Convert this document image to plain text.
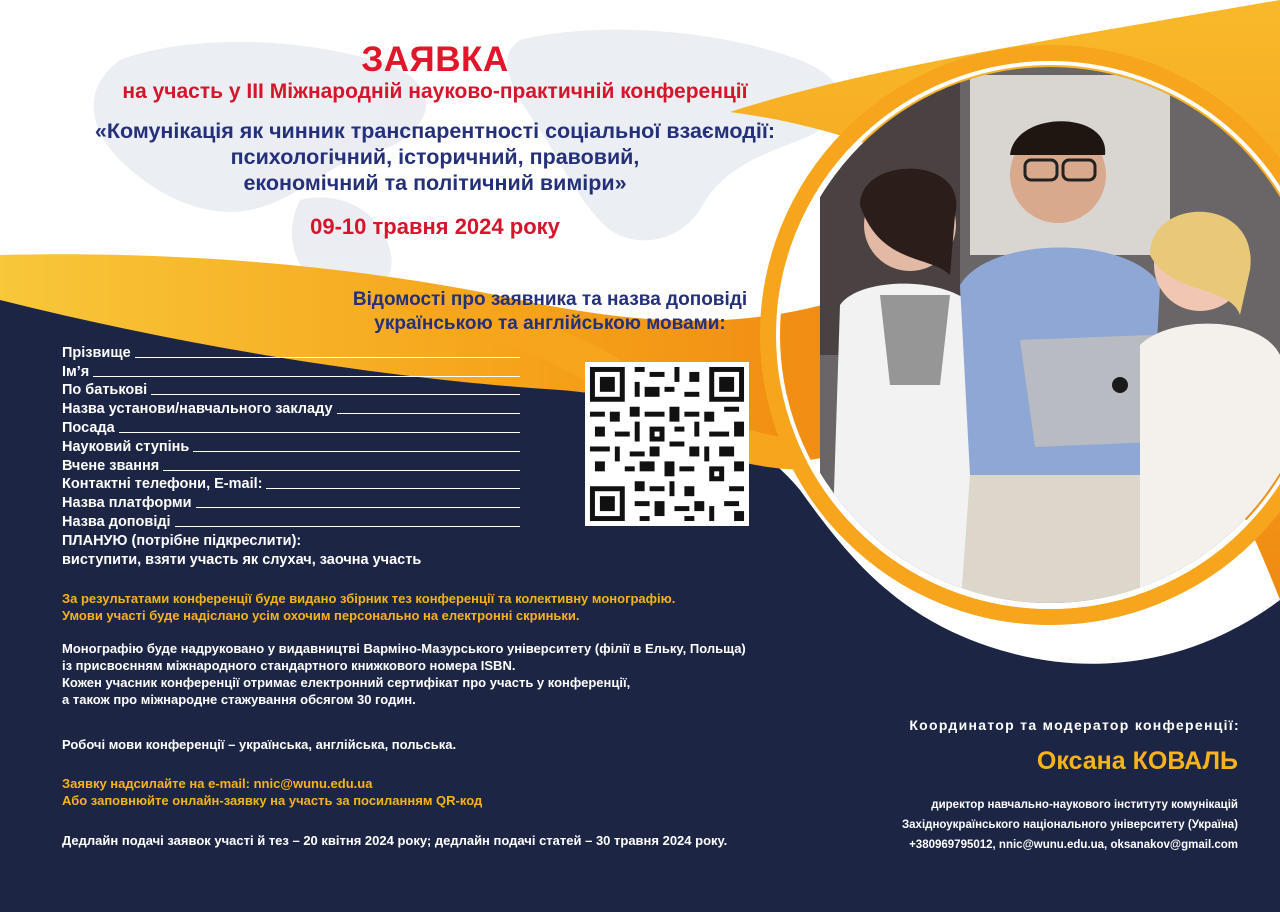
ЗАЯВКА
на участь у III Міжнародній науково-практичній конференції
«Комунікація як чинник транспарентності соціальної взаємодії:
психологічний, історичний, правовий,
економічний та політичний виміри»
09-10 травня 2024 року
Відомості про заявника та назва доповіді
українською та англійською мовами:
Прізвище
Ім’я
По батькові
Назва установи/навчального закладу
Посада
Науковий ступінь
Вчене звання
Контактні телефони, E-mail:
Назва платформи
Назва доповіді
ПЛАНУЮ (потрібне підкреслити):
виступити, взяти участь як слухач, заочна участь
За результатами конференції буде видано збірник тез конференції та колективну монографію.
Умови участі буде надіслано усім охочим персонально на електронні скриньки.
Монографію буде надруковано у видавництві Вармінο-Мазурського університету (філії в Ельку, Польща)
із присвоєнням міжнародного стандартного книжкового номера ISBN.
Кожен учасник конференції отримає електронний сертифікат про участь у конференції,
а також про міжнародне стажування обсягом 30 годин.
Робочі мови конференції – українська, англійська, польська.
Заявку надсилайте на e-mail: nnic@wunu.edu.ua
Або заповнюйте онлайн-заявку на участь за посиланням QR-код
Дедлайн подачі заявок участі й тез – 20 квітня 2024 року; дедлайн подачі статей – 30 травня 2024 року.
Координатор та модератор конференції:
Оксана КОВАЛЬ
директор навчально-наукового інституту комунікацій
Західноукраїнського національного університету (Україна)
+380969795012, nnic@wunu.edu.ua, oksanakov@gmail.com
